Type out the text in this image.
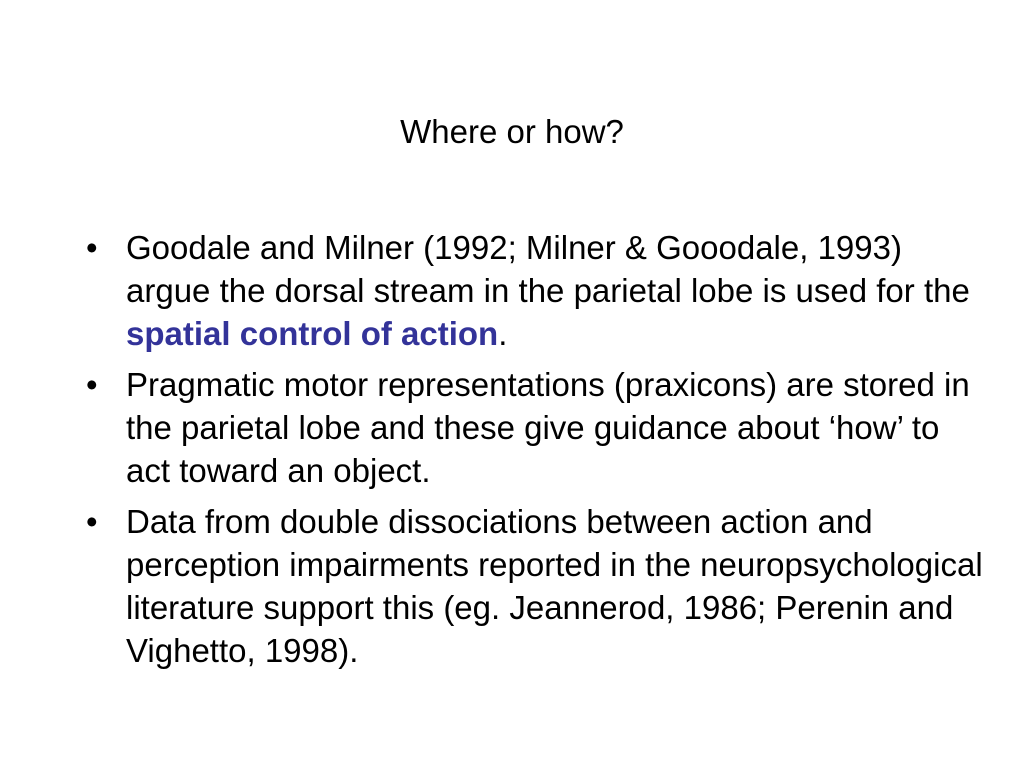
Where or how?
• Goodale and Milner (1992; Milner & Gooodale, 1993) argue the dorsal stream in the parietal lobe is used for the spatial control of action.
• Pragmatic motor representations (praxicons) are stored in the parietal lobe and these give guidance about ‘how’ to act toward an object.
• Data from double dissociations between action and perception impairments reported in the neuropsychological literature support this (eg. Jeannerod, 1986; Perenin and Vighetto, 1998).
